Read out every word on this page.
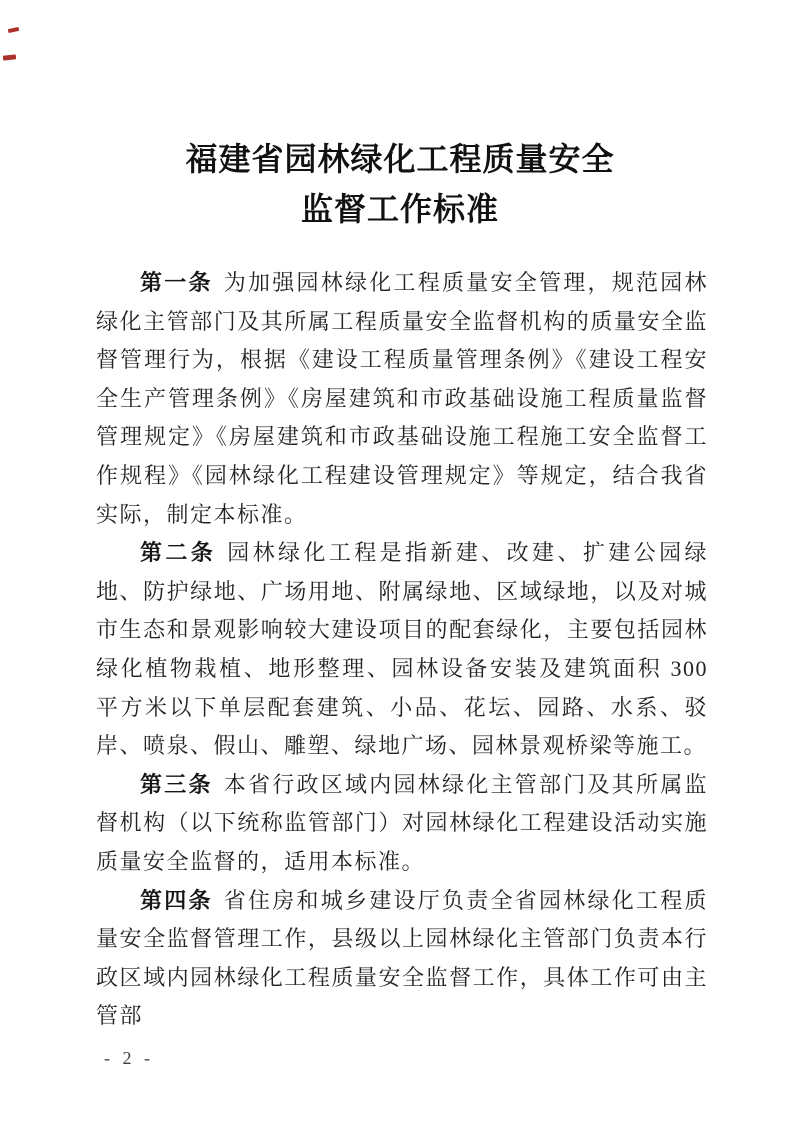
福建省园林绿化工程质量安全
监督工作标准

第一条 为加强园林绿化工程质量安全管理，规范园林绿化主管部门及其所属工程质量安全监督机构的质量安全监督管理行为，根据《建设工程质量管理条例》《建设工程安全生产管理条例》《房屋建筑和市政基础设施工程质量监督管理规定》《房屋建筑和市政基础设施工程施工安全监督工作规程》《园林绿化工程建设管理规定》等规定，结合我省实际，制定本标准。

第二条 园林绿化工程是指新建、改建、扩建公园绿地、防护绿地、广场用地、附属绿地、区域绿地，以及对城市生态和景观影响较大建设项目的配套绿化，主要包括园林绿化植物栽植、地形整理、园林设备安装及建筑面积 300 平方米以下单层配套建筑、小品、花坛、园路、水系、驳岸、喷泉、假山、雕塑、绿地广场、园林景观桥梁等施工。

第三条 本省行政区域内园林绿化主管部门及其所属监督机构（以下统称监管部门）对园林绿化工程建设活动实施质量安全监督的，适用本标准。

第四条 省住房和城乡建设厅负责全省园林绿化工程质量安全监督管理工作，县级以上园林绿化主管部门负责本行政区域内园林绿化工程质量安全监督工作，具体工作可由主管部

- 2 -
